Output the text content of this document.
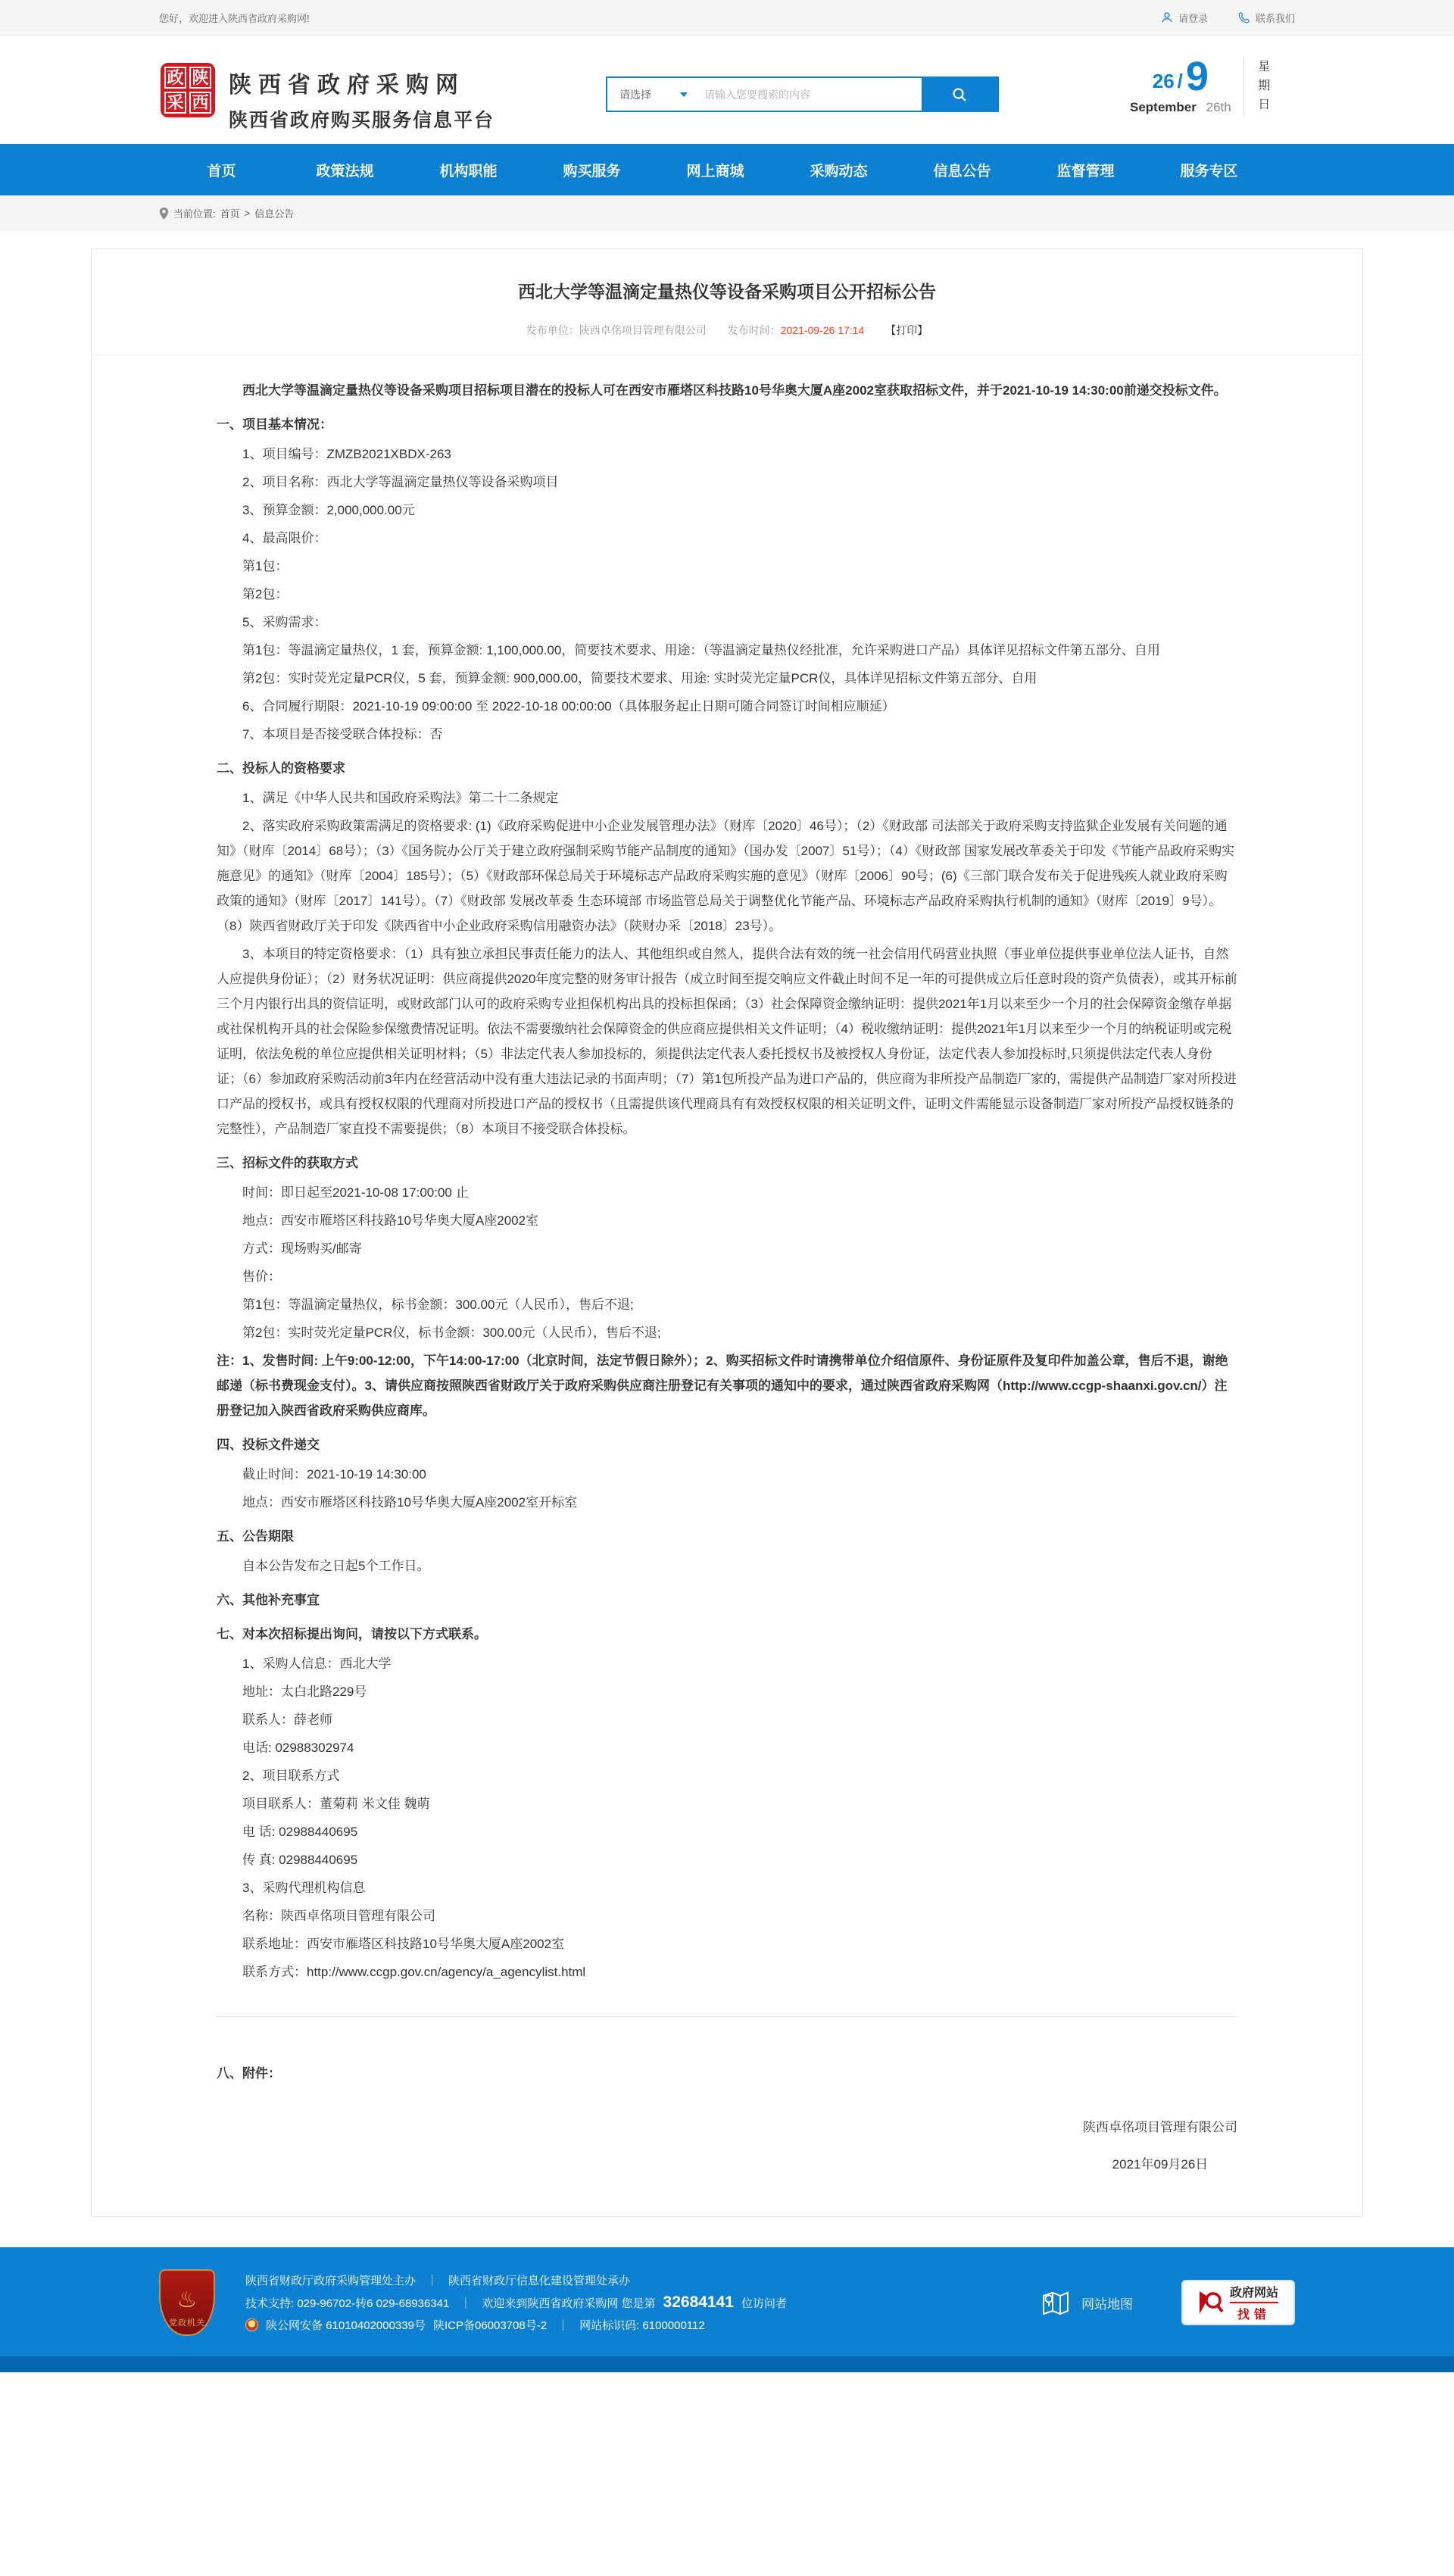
您好，欢迎进入陕西省政府采购网!	请登录	联系我们
政 陕
采 西
陕西省政府采购网
陕西省政府购买服务信息平台
请选择
请输入您要搜索的内容
26 / 9
September 26th	星期日
首页	政策法规	机构职能	购买服务	网上商城	采购动态	信息公告	监督管理	服务专区
当前位置: 首页 > 信息公告
西北大学等温滴定量热仪等设备采购项目公开招标公告
发布单位：陕西卓佲项目管理有限公司 发布时间：2021-09-26 17:14 【打印】
西北大学等温滴定量热仪等设备采购项目招标项目潜在的投标人可在西安市雁塔区科技路10号华奥大厦A座2002室获取招标文件，并于2021-10-19 14:30:00前递交投标文件。
一、项目基本情况：
1、项目编号：ZMZB2021XBDX-263
2、项目名称：西北大学等温滴定量热仪等设备采购项目
3、预算金额：2,000,000.00元
4、最高限价：
第1包：
第2包：
5、采购需求：
第1包：等温滴定量热仪，1 套，预算金额: 1,100,000.00，简要技术要求、用途：（等温滴定量热仪经批准，允许采购进口产品）具体详见招标文件第五部分、自用
第2包：实时荧光定量PCR仪，5 套，预算金额: 900,000.00，简要技术要求、用途: 实时荧光定量PCR仪，具体详见招标文件第五部分、自用
6、合同履行期限：2021-10-19 09:00:00 至 2022-10-18 00:00:00（具体服务起止日期可随合同签订时间相应顺延）
7、本项目是否接受联合体投标：否
二、投标人的资格要求
1、满足《中华人民共和国政府采购法》第二十二条规定
2、落实政府采购政策需满足的资格要求: (1)《政府采购促进中小企业发展管理办法》（财库〔2020〕46号）；（2）《财政部 司法部关于政府采购支持监狱企业发展有关问题的通知》（财库〔2014〕68号）；（3）《国务院办公厅关于建立政府强制采购节能产品制度的通知》（国办发〔2007〕51号）；（4）《财政部 国家发展改革委关于印发《节能产品政府采购实施意见》的通知》（财库〔2004〕185号）；（5）《财政部环保总局关于环境标志产品政府采购实施的意见》（财库〔2006〕90号；(6)《三部门联合发布关于促进残疾人就业政府采购政策的通知》（财库〔2017〕141号）。（7）《财政部 发展改革委 生态环境部 市场监管总局关于调整优化节能产品、环境标志产品政府采购执行机制的通知》（财库〔2019〕9号）。（8）陕西省财政厅关于印发《陕西省中小企业政府采购信用融资办法》（陕财办采〔2018〕23号）。
3、本项目的特定资格要求：（1）具有独立承担民事责任能力的法人、其他组织或自然人，提供合法有效的统一社会信用代码营业执照（事业单位提供事业单位法人证书，自然人应提供身份证）；（2）财务状况证明：供应商提供2020年度完整的财务审计报告（成立时间至提交响应文件截止时间不足一年的可提供成立后任意时段的资产负债表），或其开标前三个月内银行出具的资信证明，或财政部门认可的政府采购专业担保机构出具的投标担保函；（3）社会保障资金缴纳证明：提供2021年1月以来至少一个月的社会保障资金缴存单据或社保机构开具的社会保险参保缴费情况证明。依法不需要缴纳社会保障资金的供应商应提供相关文件证明；（4）税收缴纳证明：提供2021年1月以来至少一个月的纳税证明或完税证明，依法免税的单位应提供相关证明材料；（5）非法定代表人参加投标的，须提供法定代表人委托授权书及被授权人身份证，法定代表人参加投标时,只须提供法定代表人身份证；（6）参加政府采购活动前3年内在经营活动中没有重大违法记录的书面声明；（7）第1包所投产品为进口产品的，供应商为非所投产品制造厂家的，需提供产品制造厂家对所投进口产品的授权书，或具有授权权限的代理商对所投进口产品的授权书（且需提供该代理商具有有效授权权限的相关证明文件，证明文件需能显示设备制造厂家对所投产品授权链条的完整性），产品制造厂家直投不需要提供；（8）本项目不接受联合体投标。
三、招标文件的获取方式
时间：即日起至2021-10-08 17:00:00 止
地点：西安市雁塔区科技路10号华奥大厦A座2002室
方式：现场购买/邮寄
售价：
第1包：等温滴定量热仪，标书金额：300.00元（人民币），售后不退;
第2包：实时荧光定量PCR仪，标书金额：300.00元（人民币），售后不退;
注：1、发售时间: 上午9:00-12:00，下午14:00-17:00（北京时间，法定节假日除外）；2、购买招标文件时请携带单位介绍信原件、身份证原件及复印件加盖公章，售后不退，谢绝邮递（标书费现金支付）。3、请供应商按照陕西省财政厅关于政府采购供应商注册登记有关事项的通知中的要求，通过陕西省政府采购网（http://www.ccgp-shaanxi.gov.cn/）注册登记加入陕西省政府采购供应商库。
四、投标文件递交
截止时间：2021-10-19 14:30:00
地点：西安市雁塔区科技路10号华奥大厦A座2002室开标室
五、公告期限
自本公告发布之日起5个工作日。
六、其他补充事宜
七、对本次招标提出询问，请按以下方式联系。
1、采购人信息：西北大学
地址：太白北路229号
联系人：薛老师
电话: 02988302974
2、项目联系方式
项目联系人：董菊莉 米文佳 魏萌
电 话: 02988440695
传 真: 02988440695
3、采购代理机构信息
名称：陕西卓佲项目管理有限公司
联系地址：西安市雁塔区科技路10号华奥大厦A座2002室
联系方式：http://www.ccgp.gov.cn/agency/a_agencylist.html
八、附件：
陕西卓佲项目管理有限公司
2021年09月26日
♨
党政机关
陕西省财政厅政府采购管理处主办 ｜ 陕西省财政厅信息化建设管理处承办
技术支持: 029-96702-转6 029-68936341 ｜ 欢迎来到陕西省政府采购网 您是第 32684141 位访问者
陕公网安备 61010402000339号 陕ICP备06003708号-2 ｜ 网站标识码: 6100000112
网站地图
政府网站
找错
